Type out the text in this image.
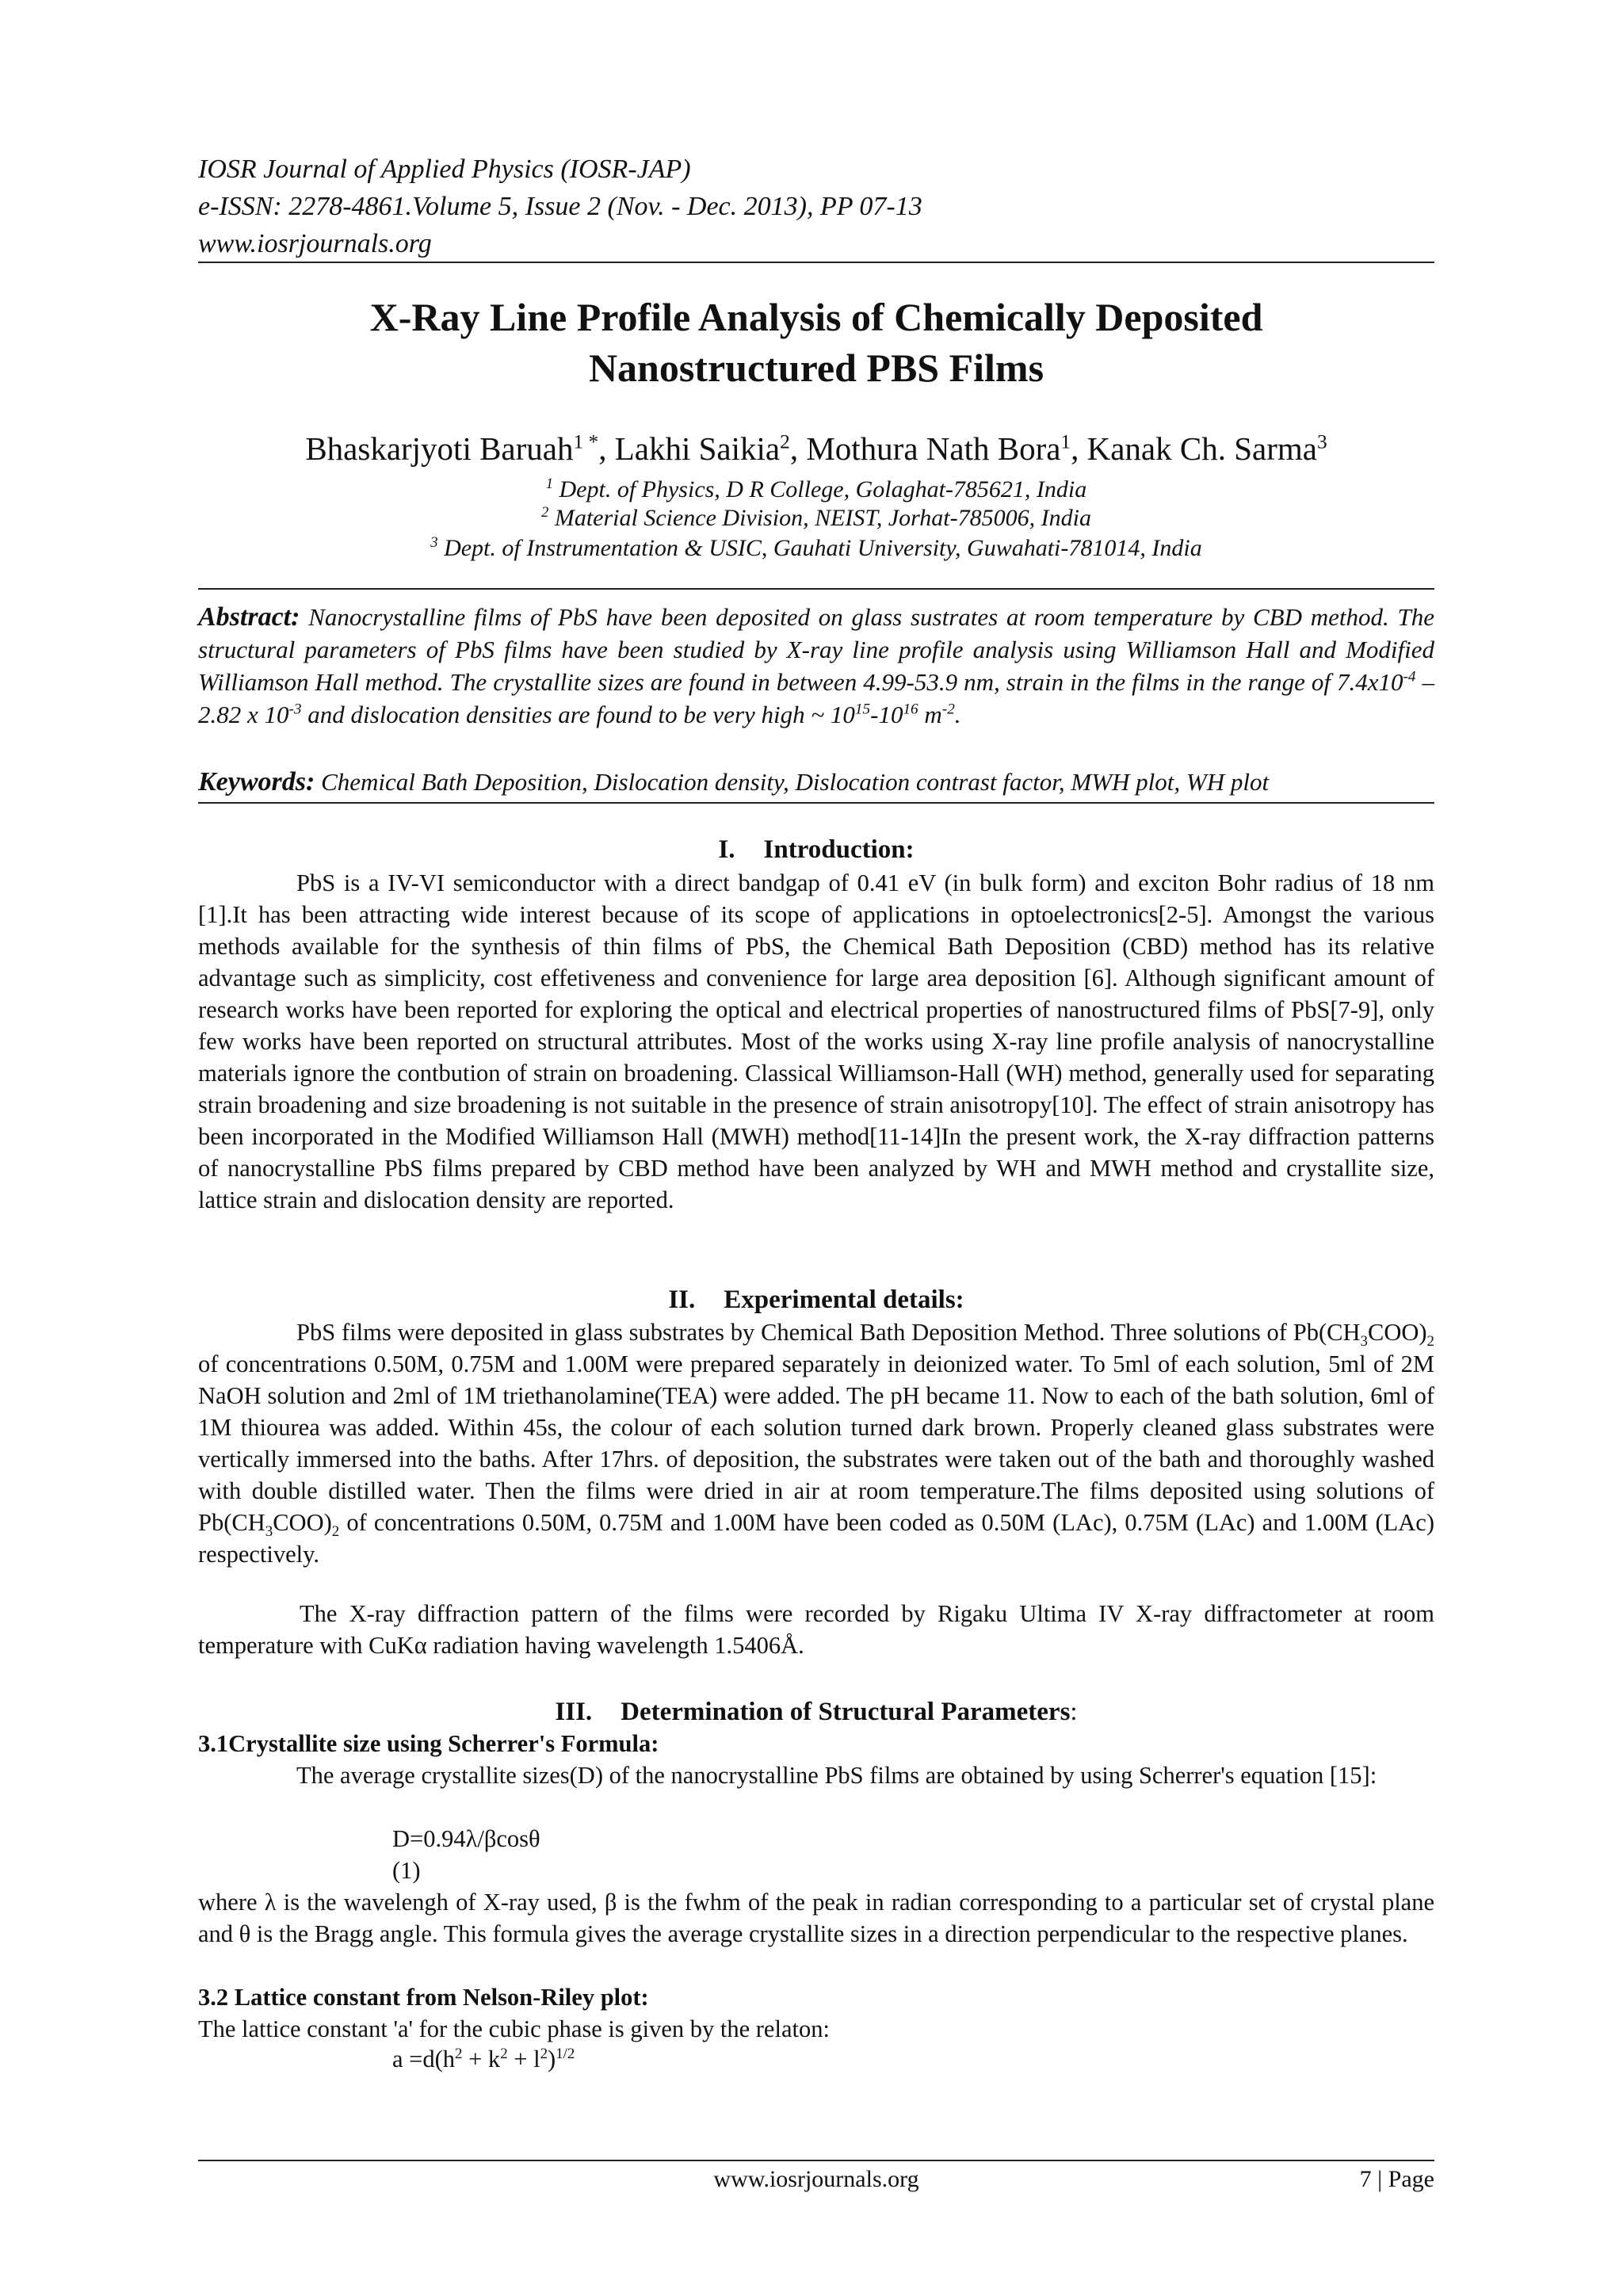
IOSR Journal of Applied Physics (IOSR-JAP)
e-ISSN: 2278-4861.Volume 5, Issue 2 (Nov. - Dec. 2013), PP 07-13
www.iosrjournals.org
X-Ray Line Profile Analysis of Chemically Deposited
Nanostructured PBS Films
Bhaskarjyoti Baruah$^{1 *}$, Lakhi Saikia$^2$, Mothura Nath Bora$^1$, Kanak Ch. Sarma$^3$
$^1$ Dept. of Physics, D R College, Golaghat-785621, India
$^2$ Material Science Division, NEIST, Jorhat-785006, India
$^3$ Dept. of Instrumentation & USIC, Gauhati University, Guwahati-781014, India
Abstract: Nanocrystalline films of PbS have been deposited on glass sustrates at room temperature by CBD method. The structural parameters of PbS films have been studied by X-ray line profile analysis using Williamson Hall and Modified Williamson Hall method. The crystallite sizes are found in between 4.99-53.9 nm, strain in the films in the range of $7.4x10^{-4} - 2.82$ x $10^{-3}$ and dislocation densities are found to be very high ~ $10^{15}-10^{16}$ $m^{-2}$.
Keywords: Chemical Bath Deposition, Dislocation density, Dislocation contrast factor, MWH plot, WH plot
I. Introduction:
PbS is a IV-VI semiconductor with a direct bandgap of 0.41 eV (in bulk form) and exciton Bohr radius of 18 nm [1].It has been attracting wide interest because of its scope of applications in optoelectronics[2-5]. Amongst the various methods available for the synthesis of thin films of PbS, the Chemical Bath Deposition (CBD) method has its relative advantage such as simplicity, cost effetiveness and convenience for large area deposition [6]. Although significant amount of research works have been reported for exploring the optical and electrical properties of nanostructured films of PbS[7-9], only few works have been reported on structural attributes. Most of the works using X-ray line profile analysis of nanocrystalline materials ignore the contbution of strain on broadening. Classical Williamson-Hall (WH) method, generally used for separating strain broadening and size broadening is not suitable in the presence of strain anisotropy[10]. The effect of strain anisotropy has been incorporated in the Modified Williamson Hall (MWH) method[11-14]In the present work, the X-ray diffraction patterns of nanocrystalline PbS films prepared by CBD method have been analyzed by WH and MWH method and crystallite size, lattice strain and dislocation density are reported.
II. Experimental details:
PbS films were deposited in glass substrates by Chemical Bath Deposition Method. Three solutions of $Pb(CH_3COO)_2$ of concentrations 0.50M, 0.75M and 1.00M were prepared separately in deionized water. To 5ml of each solution, 5ml of 2M NaOH solution and 2ml of 1M triethanolamine(TEA) were added. The pH became 11. Now to each of the bath solution, 6ml of 1M thiourea was added. Within 45s, the colour of each solution turned dark brown. Properly cleaned glass substrates were vertically immersed into the baths. After 17hrs. of deposition, the substrates were taken out of the bath and thoroughly washed with double distilled water. Then the films were dried in air at room temperature.The films deposited using solutions of $Pb(CH_3COO)_2$ of concentrations 0.50M, 0.75M and 1.00M have been coded as 0.50M (LAc), 0.75M (LAc) and 1.00M (LAc) respectively.
The X-ray diffraction pattern of the films were recorded by Rigaku Ultima IV X-ray diffractometer at room temperature with CuKα radiation having wavelength 1.5406Å.
III. Determination of Structural Parameters:
3.1Crystallite size using Scherrer's Formula:
The average crystallite sizes(D) of the nanocrystalline PbS films are obtained by using Scherrer's equation [15]:
D=0.94λ/βcosθ
(1)
where λ is the wavelengh of X-ray used, β is the fwhm of the peak in radian corresponding to a particular set of crystal plane and θ is the Bragg angle. This formula gives the average crystallite sizes in a direction perpendicular to the respective planes.
3.2 Lattice constant from Nelson-Riley plot:
The lattice constant 'a' for the cubic phase is given by the relaton:
$a =d(h^2 + k^2 + l^2)^{1/2}$
www.iosrjournals.org	7 | Page
